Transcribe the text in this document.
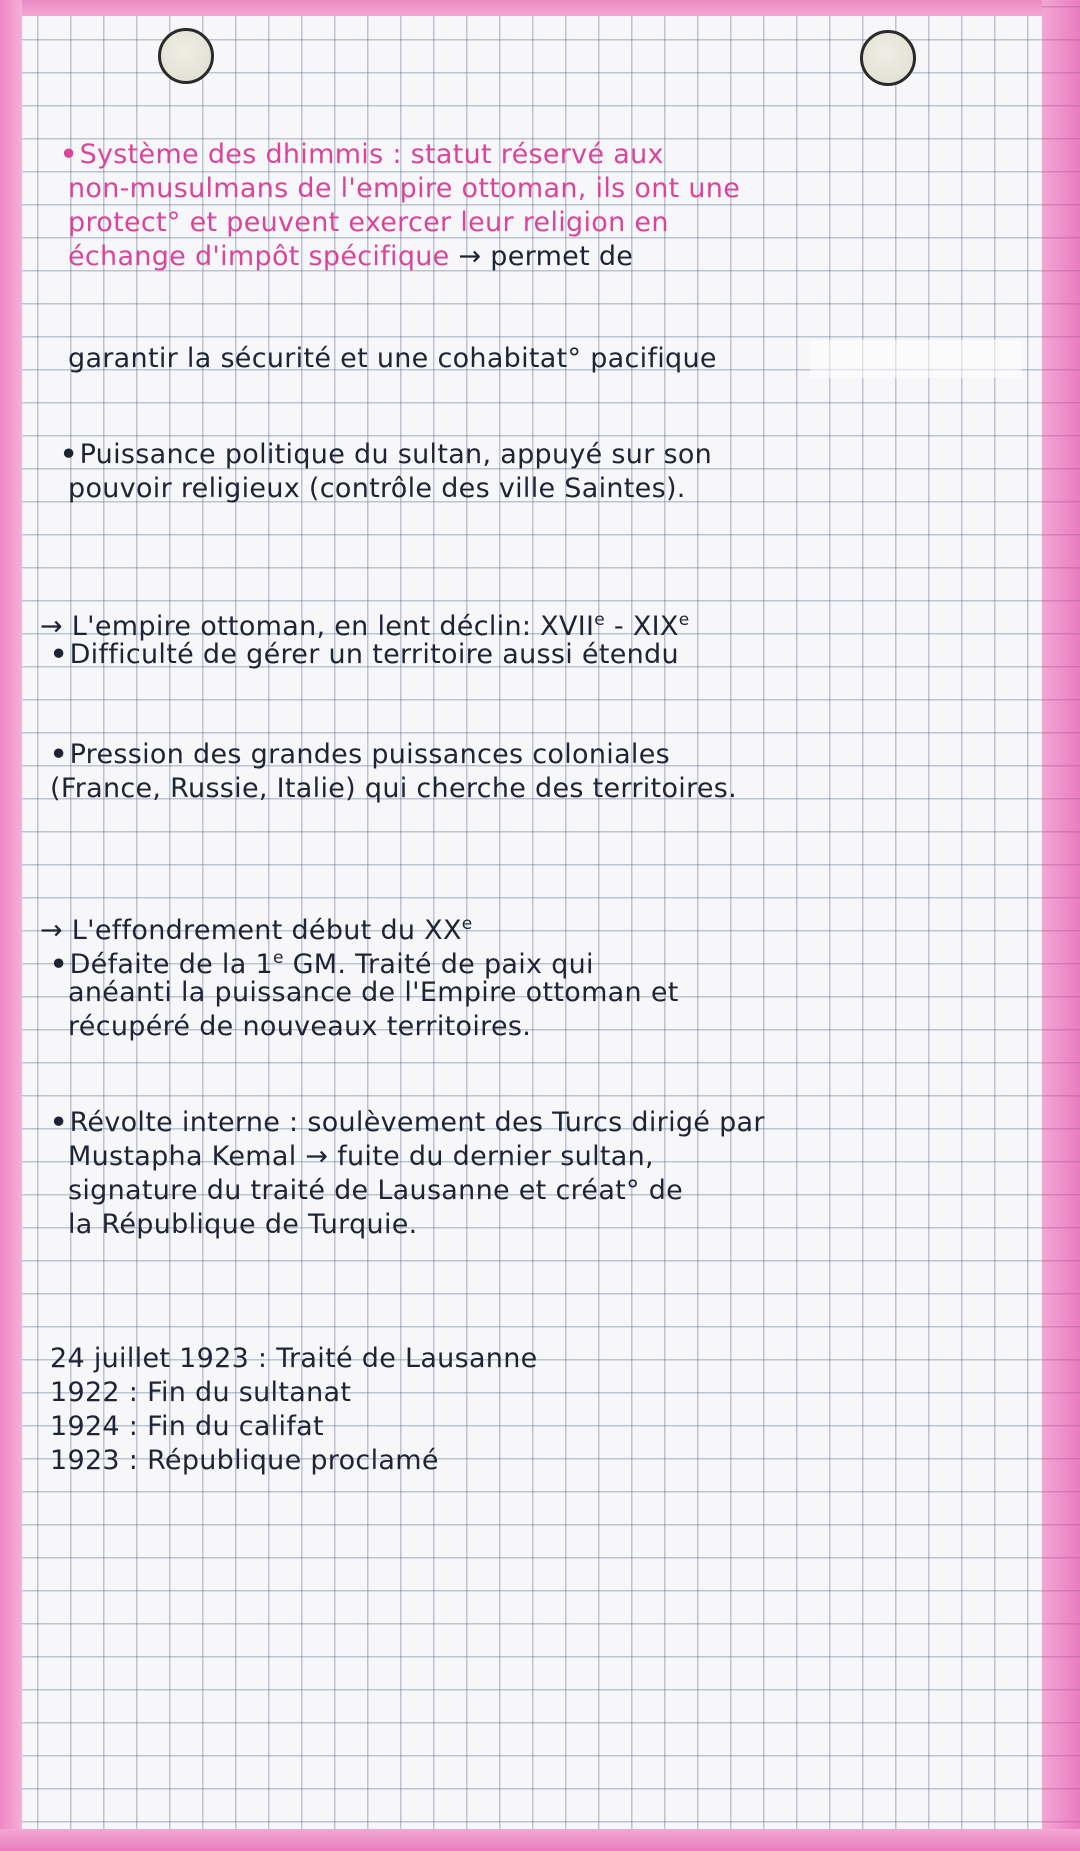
•Système des dhimmis : statut réservé aux
non-musulmans de l'empire ottoman, ils ont une
protect° et peuvent exercer leur religion en
échange d'impôt spécifique → permet de
garantir la sécurité et une cohabitat° pacifique
•Puissance politique du sultan, appuyé sur son
pouvoir religieux (contrôle des ville Saintes).
→ L'empire ottoman, en lent déclin: XVIIe - XIXe
•Difficulté de gérer un territoire aussi étendu
•Pression des grandes puissances coloniales
(France, Russie, Italie) qui cherche des territoires.
→ L'effondrement début du XXe
•Défaite de la 1e GM. Traité de paix qui
anéanti la puissance de l'Empire ottoman et
récupéré de nouveaux territoires.
•Révolte interne : soulèvement des Turcs dirigé par
Mustapha Kemal → fuite du dernier sultan,
signature du traité de Lausanne et créat° de
la République de Turquie.
24 juillet 1923 : Traité de Lausanne
1922 : Fin du sultanat
1924 : Fin du califat
1923 : République proclamé
